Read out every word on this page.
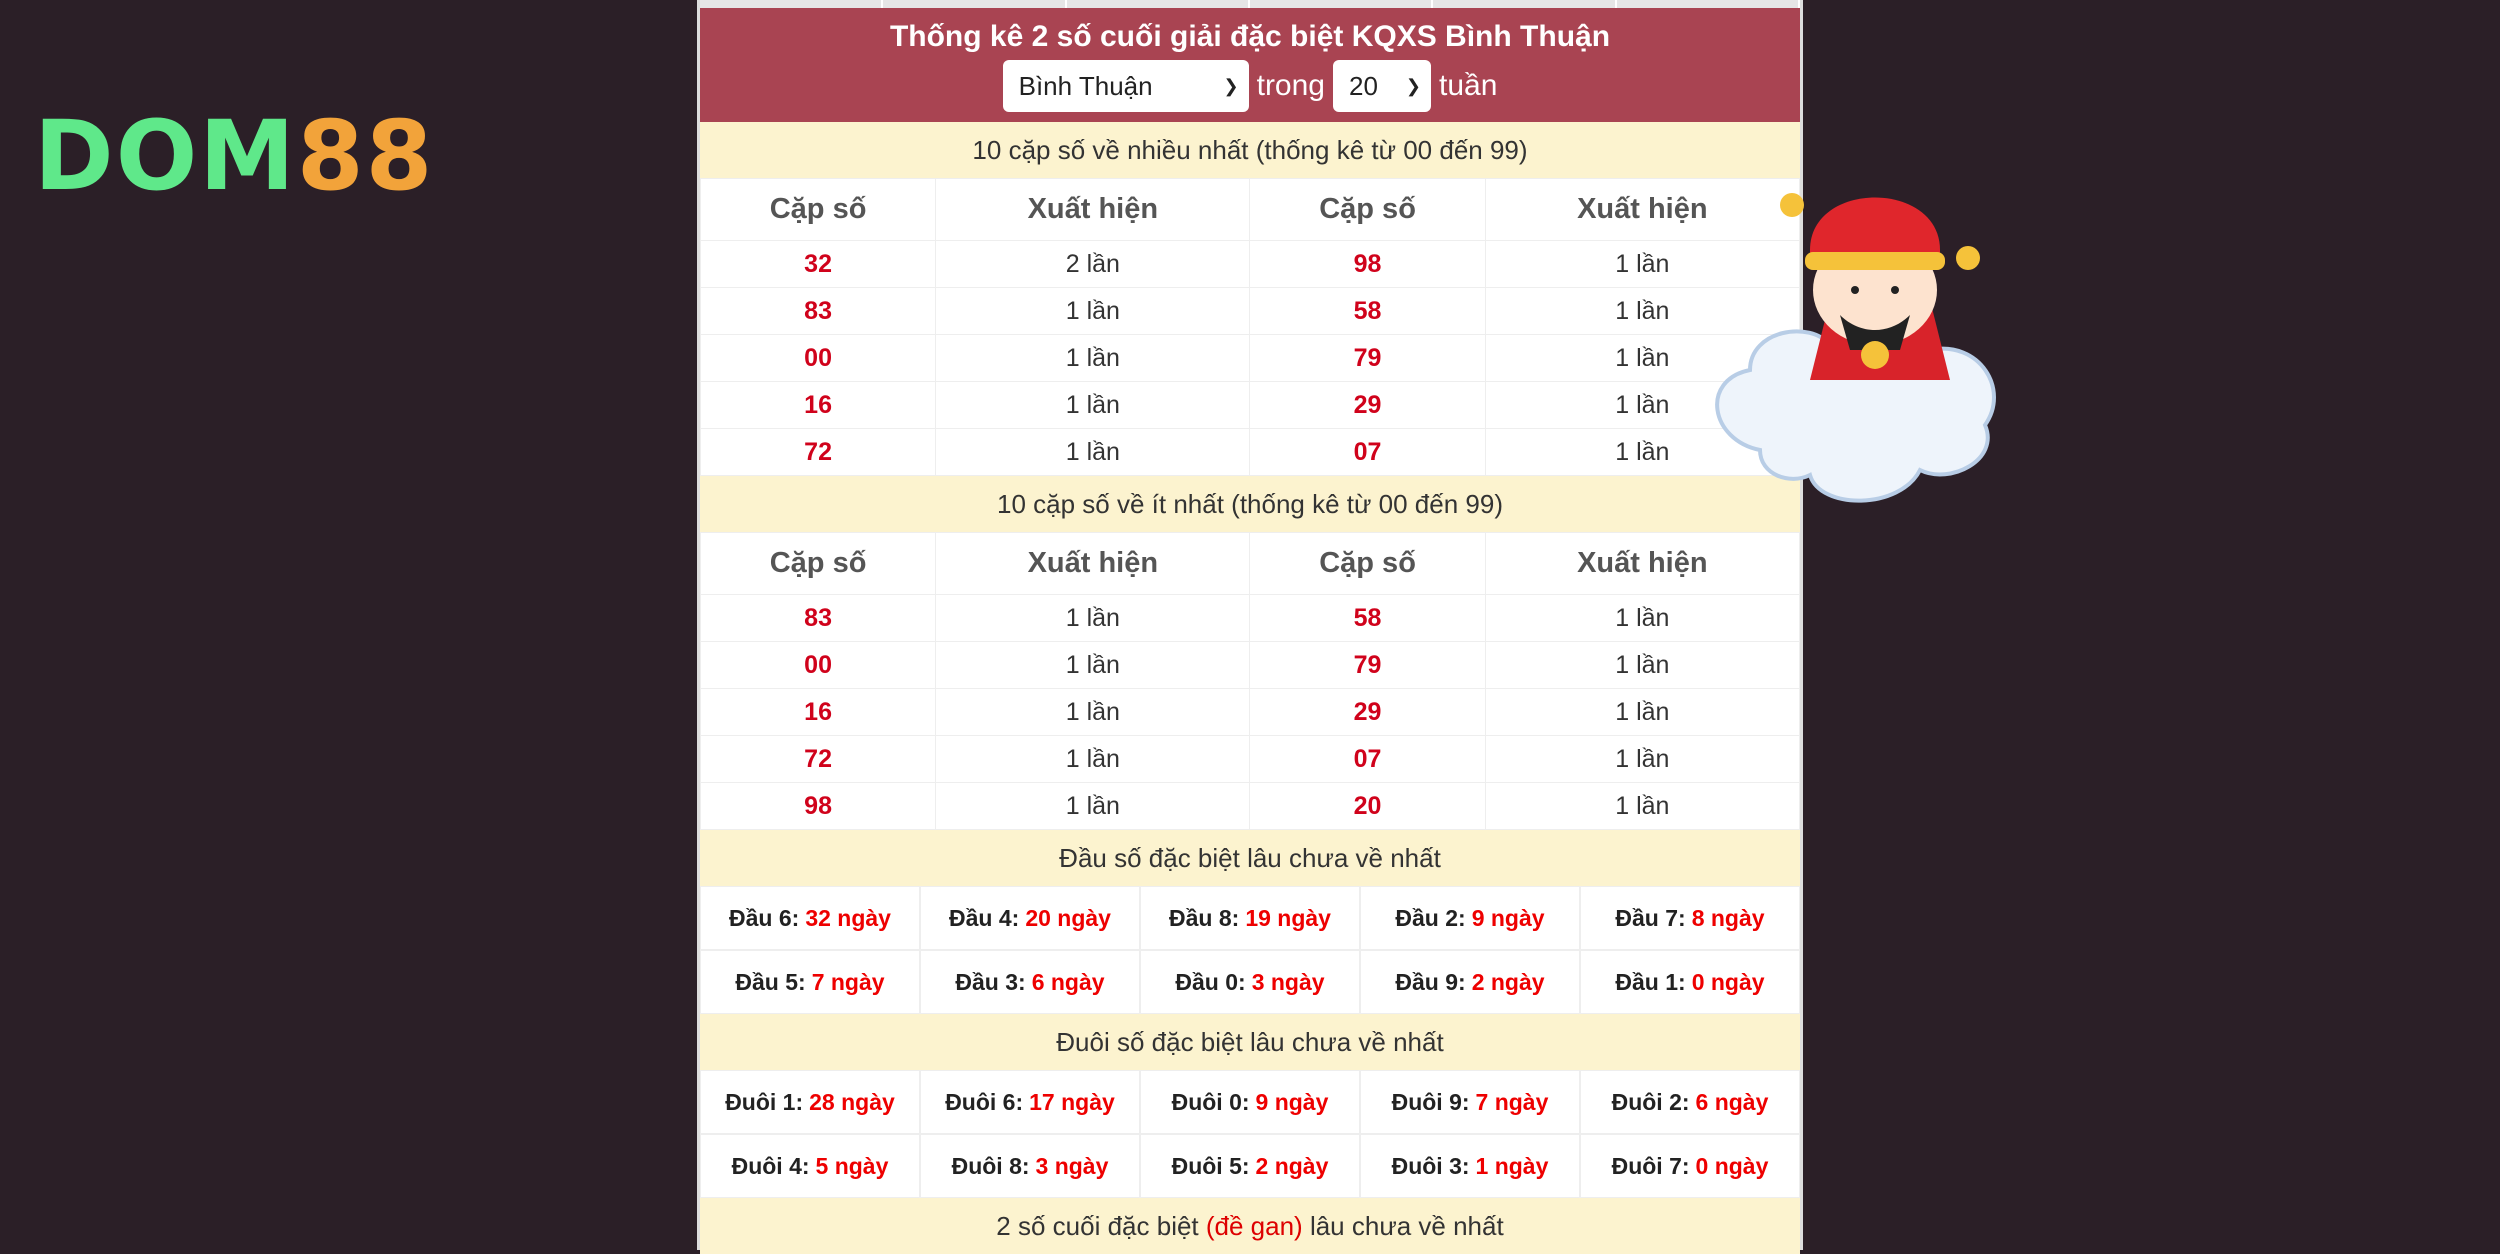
DOM88
Thống kê 2 số cuối giải đặc biệt KQXS Bình Thuận
Bình Thuận	❯ trong 20 ❯ tuần
10 cặp số về nhiều nhất (thống kê từ 00 đến 99)
Cặp số	Xuất hiện	Cặp số	Xuất hiện
32	2 lần	98	1 lần
83	1 lần	58	1 lần
00	1 lần	79	1 lần
16	1 lần	29	1 lần
72	1 lần	07	1 lần
10 cặp số về ít nhất (thống kê từ 00 đến 99)
Cặp số	Xuất hiện	Cặp số	Xuất hiện
83	1 lần	58	1 lần
00	1 lần	79	1 lần
16	1 lần	29	1 lần
72	1 lần	07	1 lần
98	1 lần	20	1 lần
Đầu số đặc biệt lâu chưa về nhất
Đầu 6: 32 ngày	Đầu 4: 20 ngày	Đầu 8: 19 ngày	Đầu 2: 9 ngày	Đầu 7: 8 ngày
Đầu 5: 7 ngày	Đầu 3: 6 ngày	Đầu 0: 3 ngày	Đầu 9: 2 ngày	Đầu 1: 0 ngày
Đuôi số đặc biệt lâu chưa về nhất
Đuôi 1: 28 ngày Đuôi 6: 17 ngày Đuôi 0: 9 ngày	Đuôi 9: 7 ngày	Đuôi 2: 6 ngày
Đuôi 4: 5 ngày	Đuôi 8: 3 ngày	Đuôi 5: 2 ngày	Đuôi 3: 1 ngày	Đuôi 7: 0 ngày
2 số cuối đặc biệt (đề gan) lâu chưa về nhất
